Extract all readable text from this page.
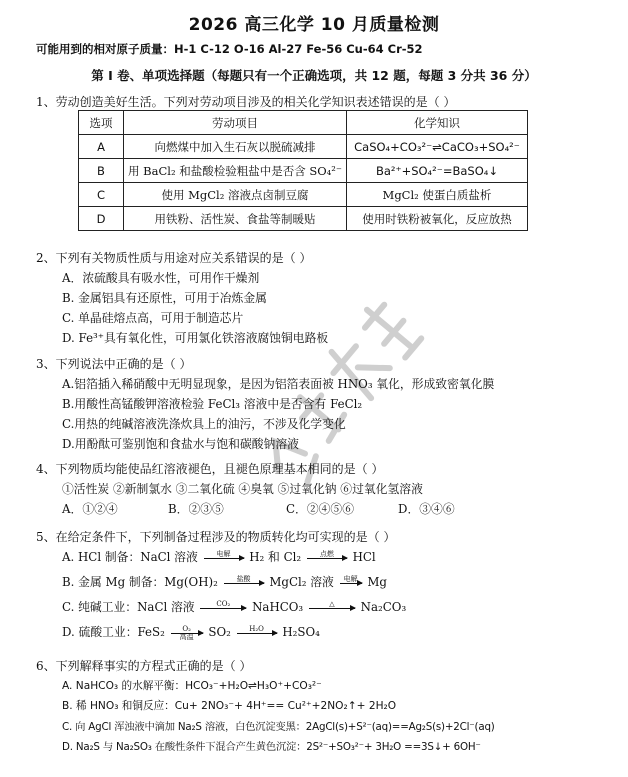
2026 高三化学 10 月质量检测
可能用到的相对原子质量：H-1 C-12 O-16 Al-27 Fe-56 Cu-64 Cr-52
第 I 卷、单项选择题（每题只有一个正确选项，共 12 题，每题 3 分共 36 分）
1、劳动创造美好生活。下列对劳动项目涉及的相关化学知识表述错误的是（ ）
选项	劳动项目	化学知识
A	向燃煤中加入生石灰以脱硫减排	CaSO₄+CO₃²⁻⇌CaCO₃+SO₄²⁻
B	用 BaCl₂ 和盐酸检验粗盐中是否含 SO₄²⁻	Ba²⁺+SO₄²⁻=BaSO₄↓
C	使用 MgCl₂ 溶液点卤制豆腐	MgCl₂ 使蛋白质盐析
D	用铁粉、活性炭、食盐等制暖贴	使用时铁粉被氧化，反应放热
2、下列有关物质性质与用途对应关系错误的是（ ）
A．浓硫酸具有吸水性，可用作干燥剂
B. 金属铝具有还原性，可用于冶炼金属
C. 单晶硅熔点高，可用于制造芯片
D. Fe³⁺具有氧化性，可用氯化铁溶液腐蚀铜电路板
3、下列说法中正确的是（ ）
A.铝箔插入稀硝酸中无明显现象，是因为铝箔表面被 HNO₃ 氧化，形成致密氧化膜
B.用酸性高锰酸钾溶液检验 FeCl₃ 溶液中是否含有 FeCl₂
C.用热的纯碱溶液洗涤炊具上的油污，不涉及化学变化
D.用酚酞可鉴别饱和食盐水与饱和碳酸钠溶液
4、下列物质均能使品红溶液褪色，且褪色原理基本相同的是（ ）
①活性炭 ②新制氯水 ③二氧化硫 ④臭氧 ⑤过氧化钠 ⑥过氧化氢溶液
A．①②④	B．②③⑤	C．②④⑤⑥	D．③④⑥
5、在给定条件下，下列制备过程涉及的物质转化均可实现的是（ ）
A. HCl 制备：NaCl 溶液	电解
	H₂ 和 Cl₂	点燃
	HCl
B. 金属 Mg 制备：Mg(OH)₂	盐酸
	MgCl₂ 溶液	电解
Mg
C. 纯碱工业：NaCl 溶液	CO₂
	NaHCO₃	△
	Na₂CO₃
D. 硫酸工业：FeS₂	O₂
高温	SO₂	H₂O
	H₂SO₄
6、下列解释事实的方程式正确的是（ ）
A. NaHCO₃ 的水解平衡：HCO₃⁻+H₂O⇌H₃O⁺+CO₃²⁻
B. 稀 HNO₃ 和铜反应：Cu+ 2NO₃⁻+ 4H⁺== Cu²⁺+2NO₂↑+ 2H₂O
C. 向 AgCl 浑浊液中滴加 Na₂S 溶液，白色沉淀变黑：2AgCl(s)+S²⁻(aq)==Ag₂S(s)+2Cl⁻(aq)
D. Na₂S 与 Na₂SO₃ 在酸性条件下混合产生黄色沉淀：2S²⁻+SO₃²⁻+ 3H₂O ==3S↓+ 6OH⁻
